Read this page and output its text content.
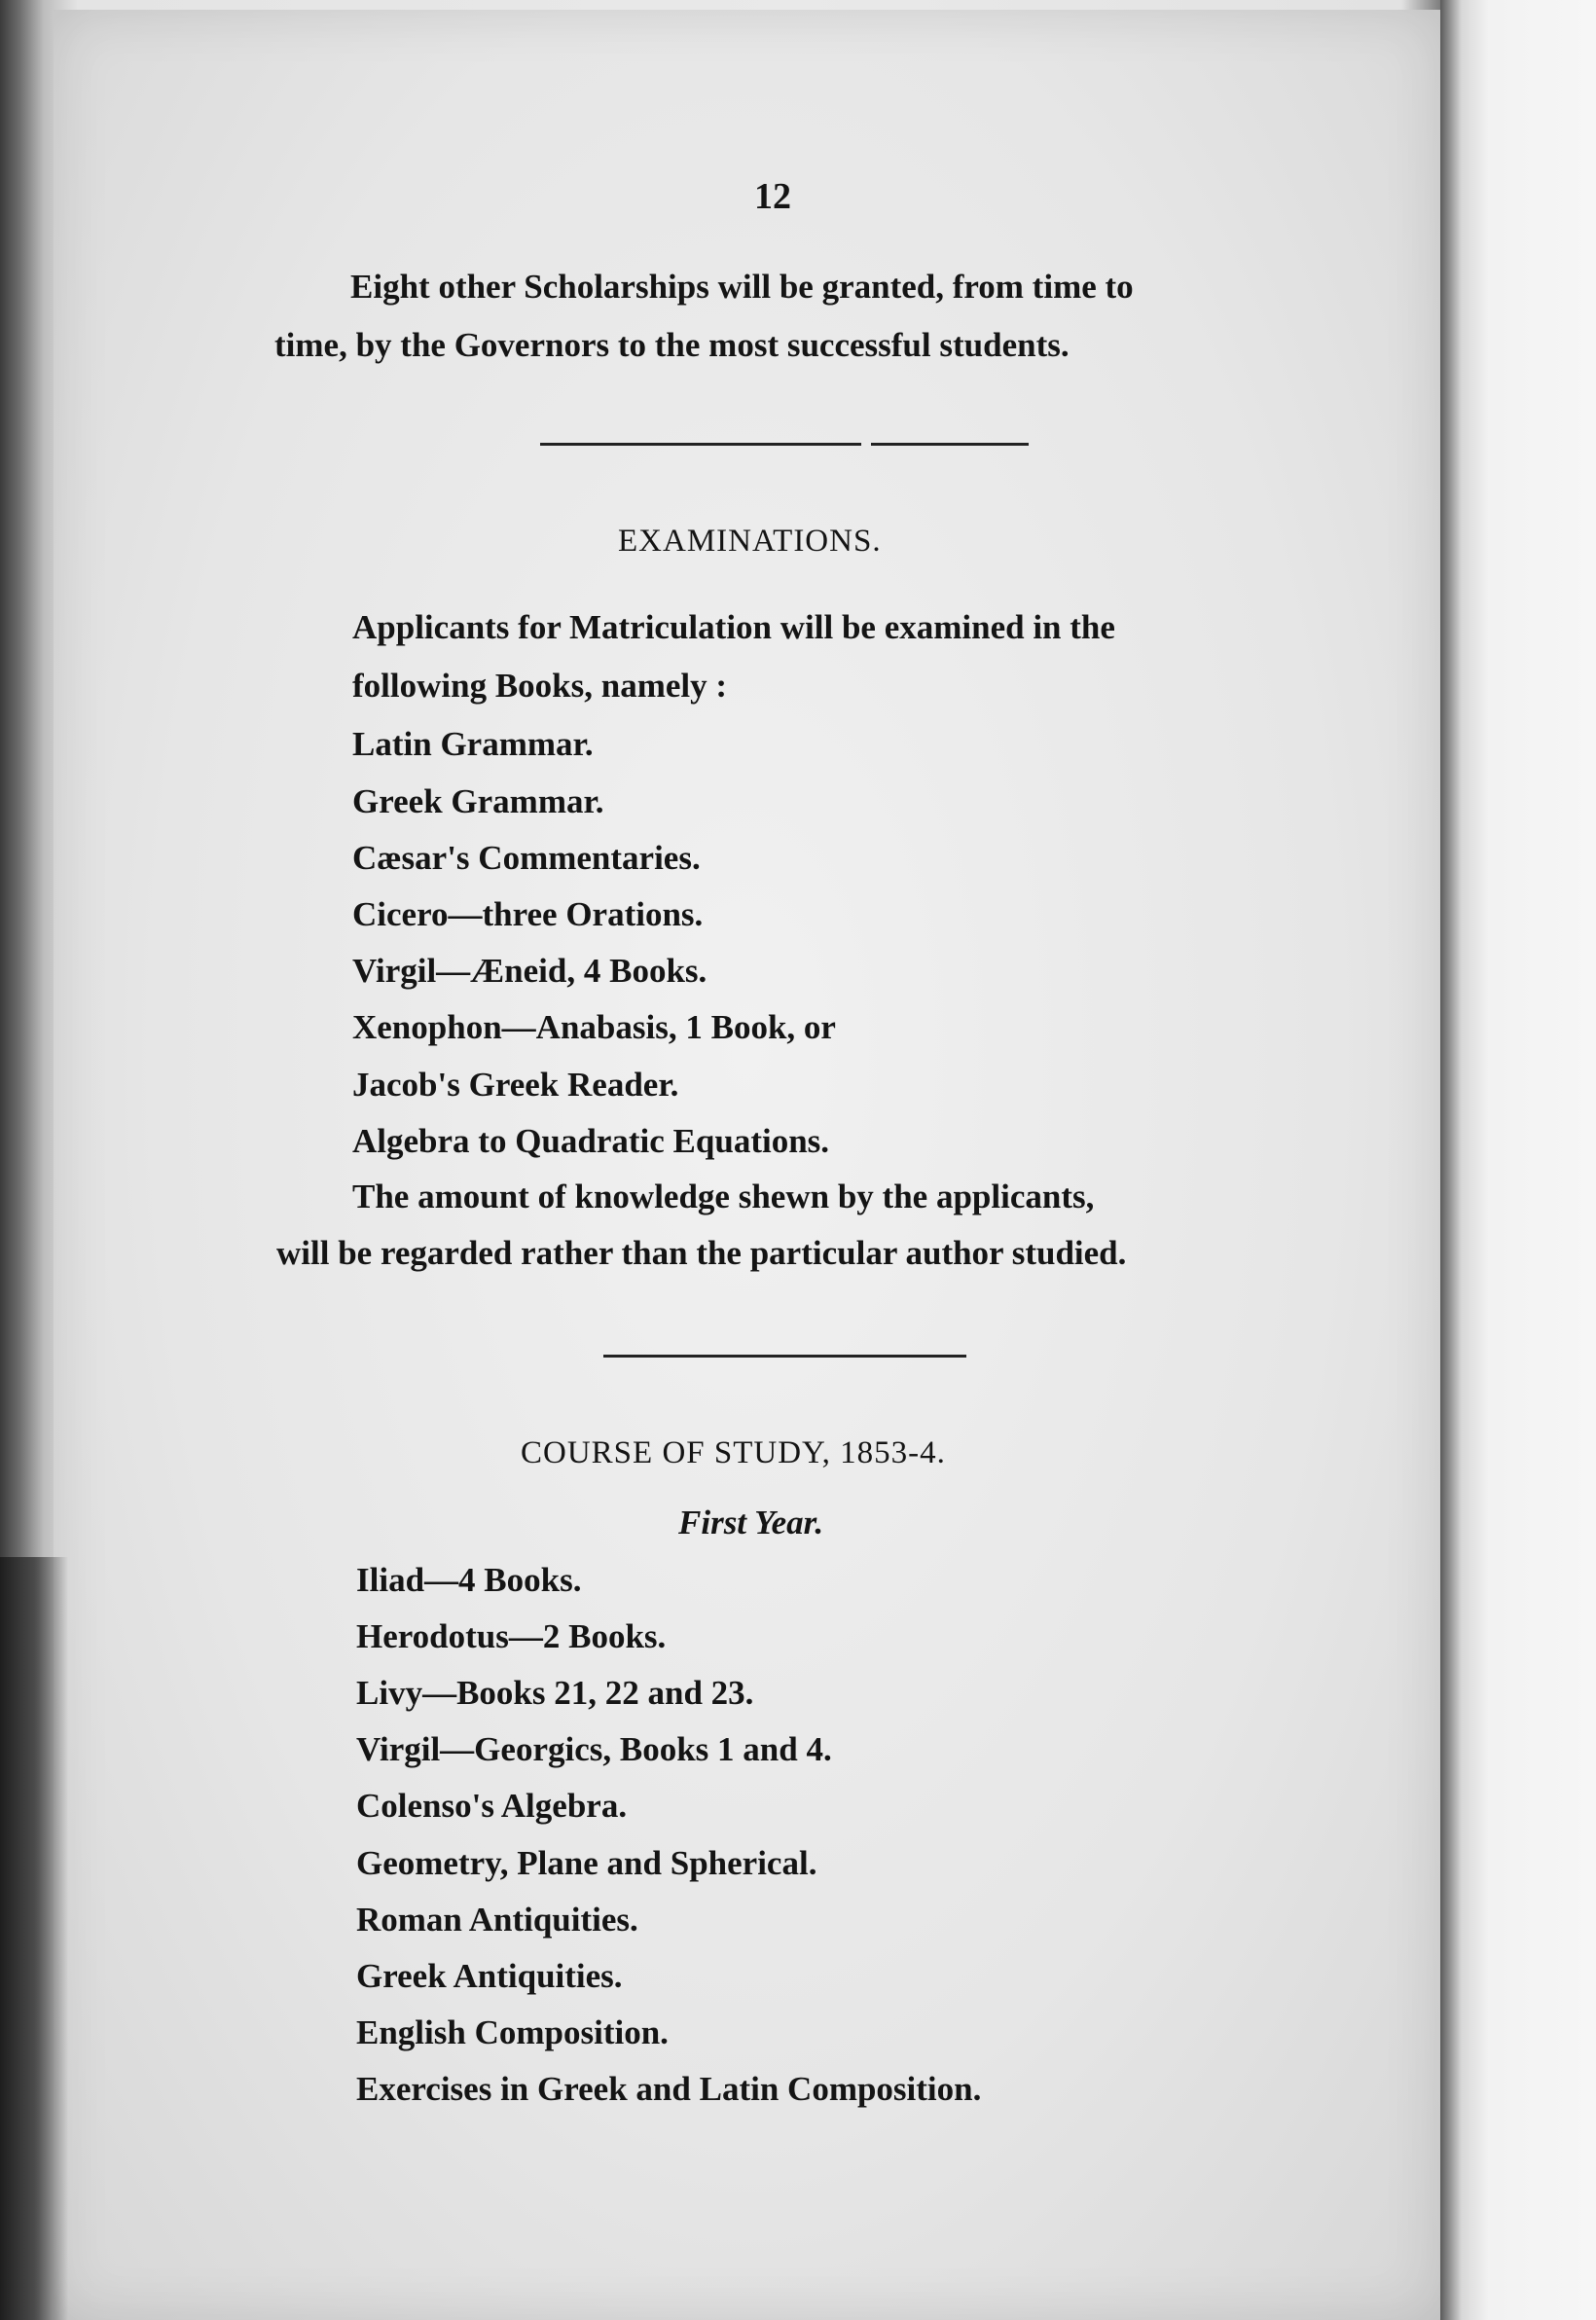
12
Eight other Scholarships will be granted, from time to
time, by the Governors to the most successful students.
EXAMINATIONS.
Applicants for Matriculation will be examined in the
following Books, namely :
Latin Grammar.
Greek Grammar.
Cæsar's Commentaries.
Cicero—three Orations.
Virgil—Æneid, 4 Books.
Xenophon—Anabasis, 1 Book, or
Jacob's Greek Reader.
Algebra to Quadratic Equations.
The amount of knowledge shewn by the applicants,
will be regarded rather than the particular author studied.
COURSE OF STUDY, 1853-4.
First Year.
Iliad—4 Books.
Herodotus—2 Books.
Livy—Books 21, 22 and 23.
Virgil—Georgics, Books 1 and 4.
Colenso's Algebra.
Geometry, Plane and Spherical.
Roman Antiquities.
Greek Antiquities.
English Composition.
Exercises in Greek and Latin Composition.
